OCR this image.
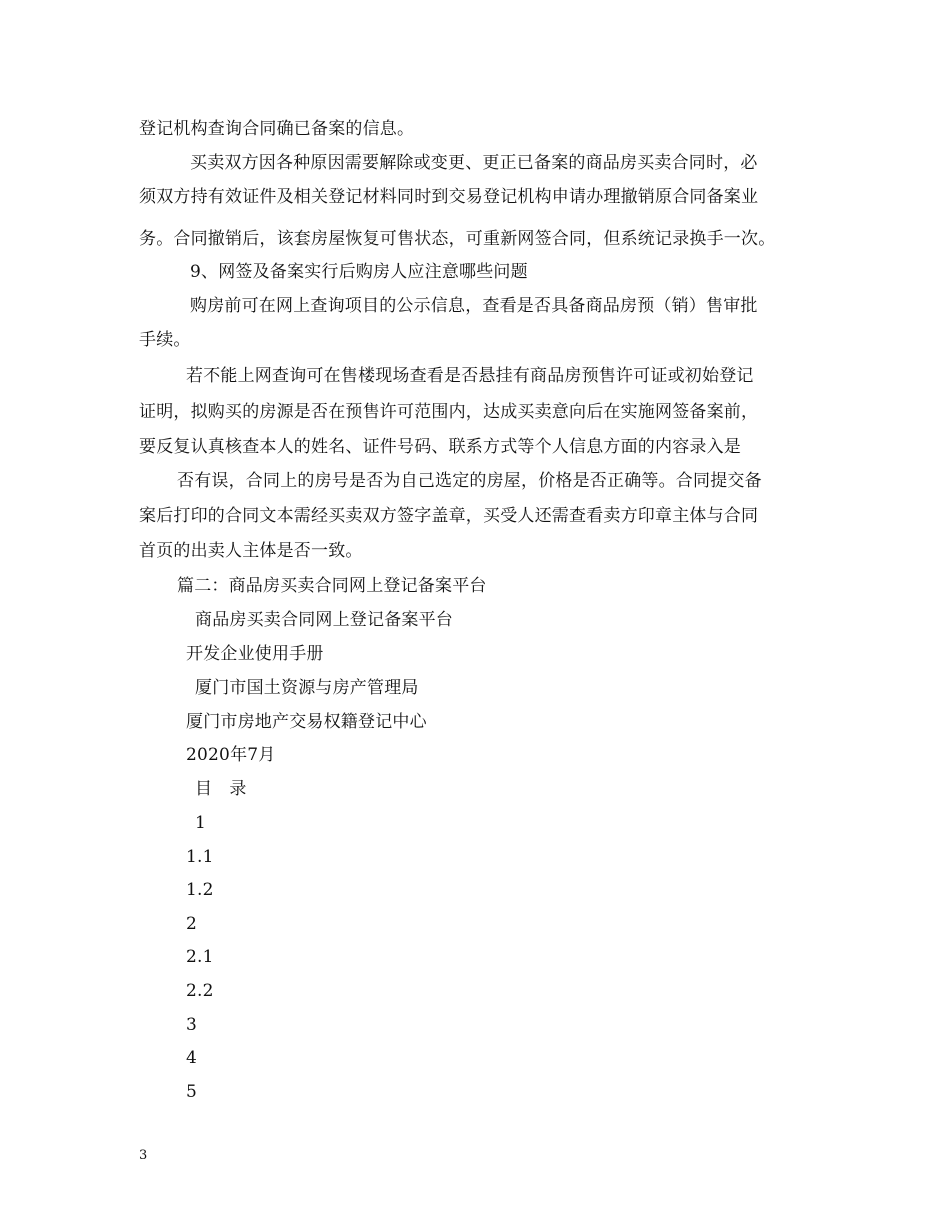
登记机构查询合同确已备案的信息。
买卖双方因各种原因需要解除或变更、更正已备案的商品房买卖合同时，必
须双方持有效证件及相关登记材料同时到交易登记机构申请办理撤销原合同备案业
务。合同撤销后，该套房屋恢复可售状态，可重新网签合同，但系统记录换手一次。
9、网签及备案实行后购房人应注意哪些问题
购房前可在网上查询项目的公示信息，查看是否具备商品房预（销）售审批
手续。
若不能上网查询可在售楼现场查看是否悬挂有商品房预售许可证或初始登记
证明，拟购买的房源是否在预售许可范围内，达成买卖意向后在实施网签备案前，
要反复认真核查本人的姓名、证件号码、联系方式等个人信息方面的内容录入是
否有误，合同上的房号是否为自己选定的房屋，价格是否正确等。合同提交备
案后打印的合同文本需经买卖双方签字盖章，买受人还需查看卖方印章主体与合同
首页的出卖人主体是否一致。
篇二：商品房买卖合同网上登记备案平台
商品房买卖合同网上登记备案平台
开发企业使用手册
厦门市国土资源与房产管理局
厦门市房地产交易权籍登记中心
2020年7月
目　录
1
1.1
1.2
2
2.1
2.2
3
4
5
3
